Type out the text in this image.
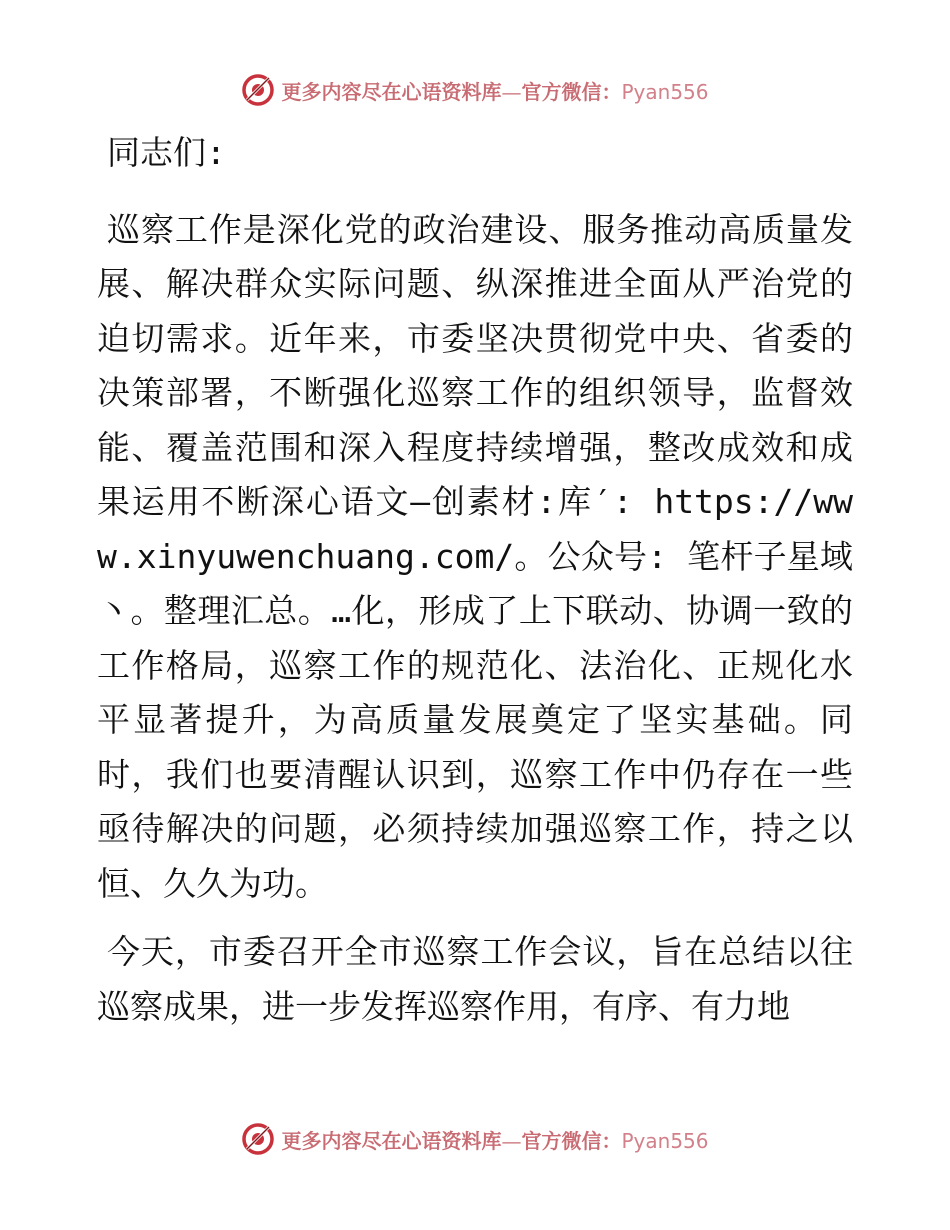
更多内容尽在心语资料库—官方微信：Pyan556
同志们:
巡察工作是深化党的政治建设、服务推动高质量发展、解决群众实际问题、纵深推进全面从严治党的迫切需求。近年来，市委坚决贯彻党中央、省委的决策部署，不断强化巡察工作的组织领导，监督效能、覆盖范围和深入程度持续增强，整改成效和成果运用不断深心语文—创素材:库′: https://www.xinyuwenchuang.com/。公众号: 笔杆子星域丶。整理汇总。…化，形成了上下联动、协调一致的工作格局，巡察工作的规范化、法治化、正规化水平显著提升，为高质量发展奠定了坚实基础。同时，我们也要清醒认识到，巡察工作中仍存在一些亟待解决的问题，必须持续加强巡察工作，持之以恒、久久为功。
今天，市委召开全市巡察工作会议，旨在总结以往巡察成果，进一步发挥巡察作用，有序、有力地
更多内容尽在心语资料库—官方微信：Pyan556
